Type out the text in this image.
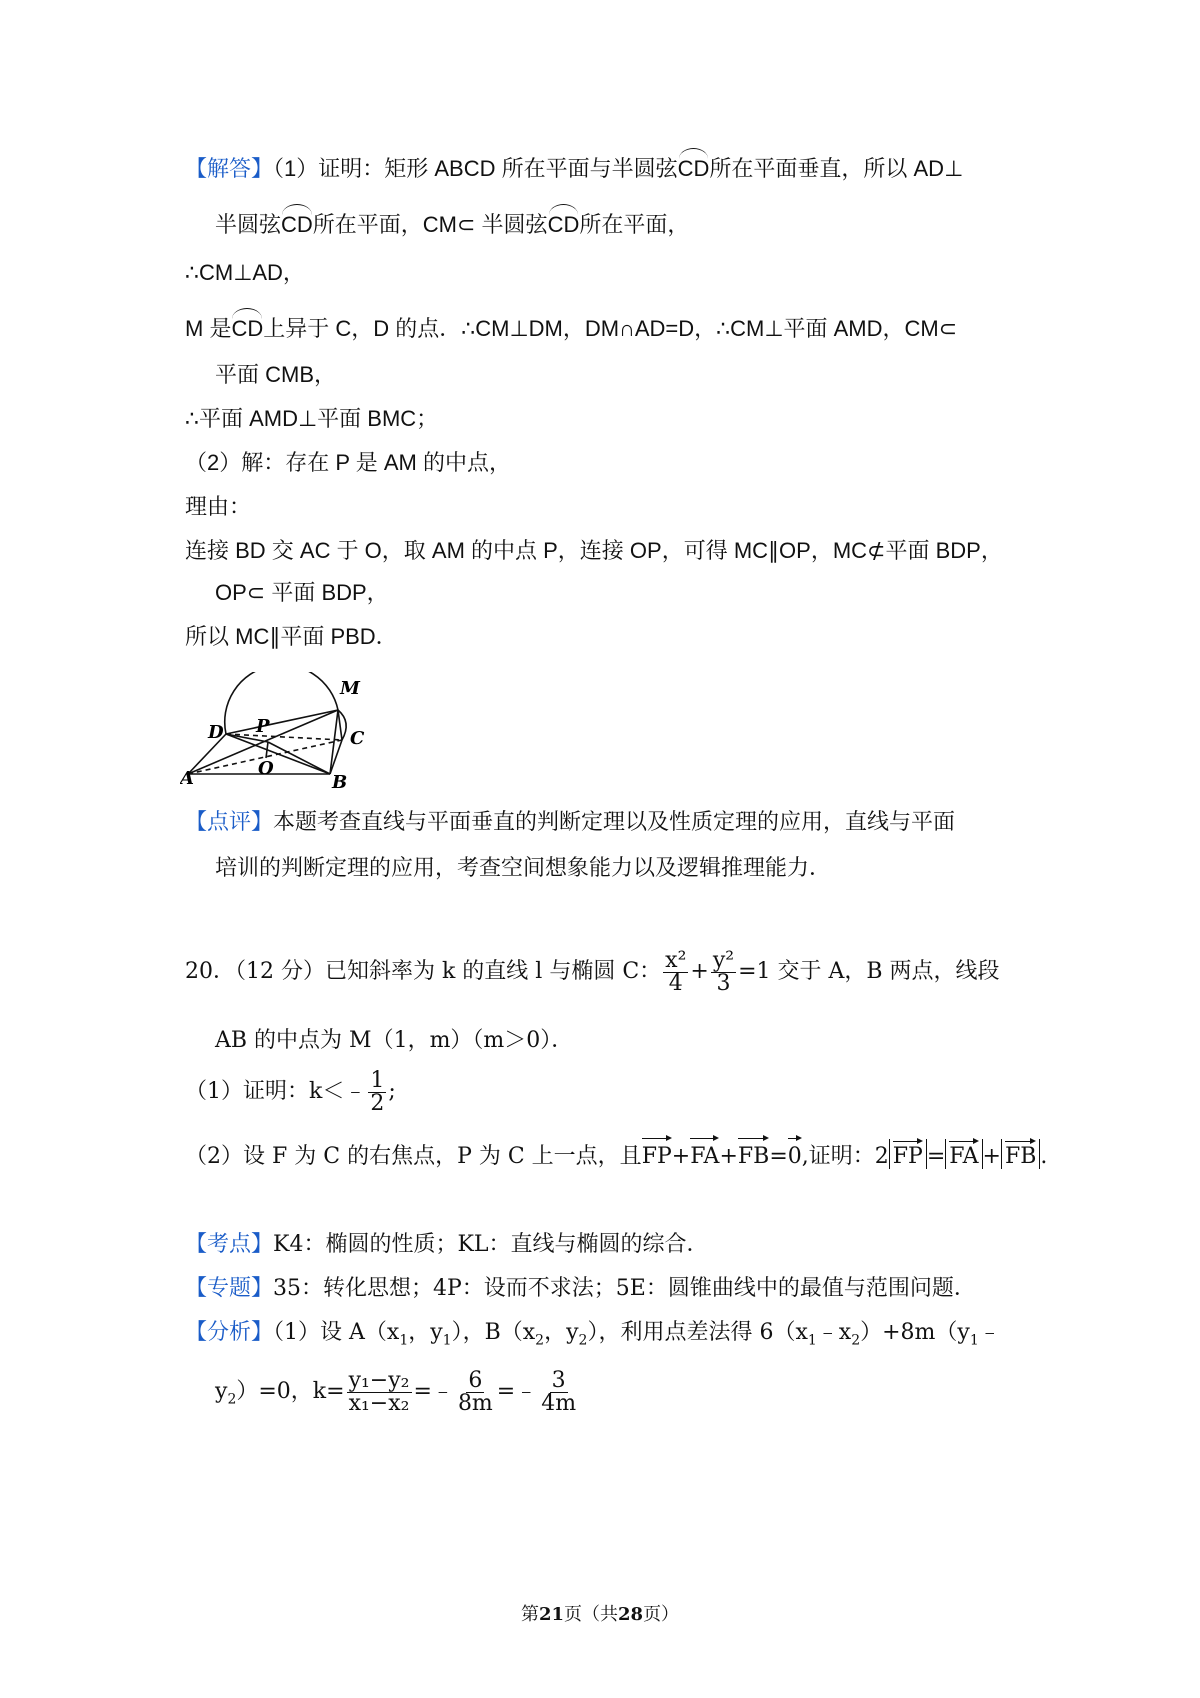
【解答】（1）证明：矩形 ABCD 所在平面与半圆弦CD所在平面垂直，所以 AD⊥
半圆弦CD所在平面，CM⊂ 半圆弦CD所在平面，
∴CM⊥AD，
M 是CD上异于 C，D 的点．∴CM⊥DM，DM∩AD=D，∴CM⊥平面 AMD，CM⊂
平面 CMB，
∴平面 AMD⊥平面 BMC；
（2）解：存在 P 是 AM 的中点，
理由：
连接 BD 交 AC 于 O，取 AM 的中点 P，连接 OP，可得 MC∥OP，MC⊄平面 BDP，
OP⊂ 平面 BDP，
所以 MC∥平面 PBD．
M
D P
C
A	O
B
【点评】本题考查直线与平面垂直的判断定理以及性质定理的应用，直线与平面
培训的判断定理的应用，考查空间想象能力以及逻辑推理能力．
20．（12 分）已知斜率为 k 的直线 l 与椭圆 C： $\frac{\text{x²}}{4} + \frac{\text{y²}}{3} =1$ 交于 A，B 两点，线段
AB 的中点为 M（1，m）（m＞0）．
（1）证明：k＜﹣ $\frac{1}{2}$ ;
（2）设 F 为 C 的右焦点，P 为 C 上一点，且FP+FA+FB=0,证明：2 FP = FA + FB .
【考点】K4：椭圆的性质；KL：直线与椭圆的综合．
【专题】35：转化思想；4P：设而不求法；5E：圆锥曲线中的最值与范围问题．
【分析】（1）设 $A(x_1$，$y_1$），$B(x_2$，$y_2$），利用点差法得 $6(x_1﹣x_2)+8m(y_1﹣$
$y_2)=0$，$k= \frac{\text{y₁−y₂}}{\text{x₁−x₂}}$ =﹣ $\frac{6}{8m}$ =﹣ $\frac{3}{4m}$
第21页（共28页）
